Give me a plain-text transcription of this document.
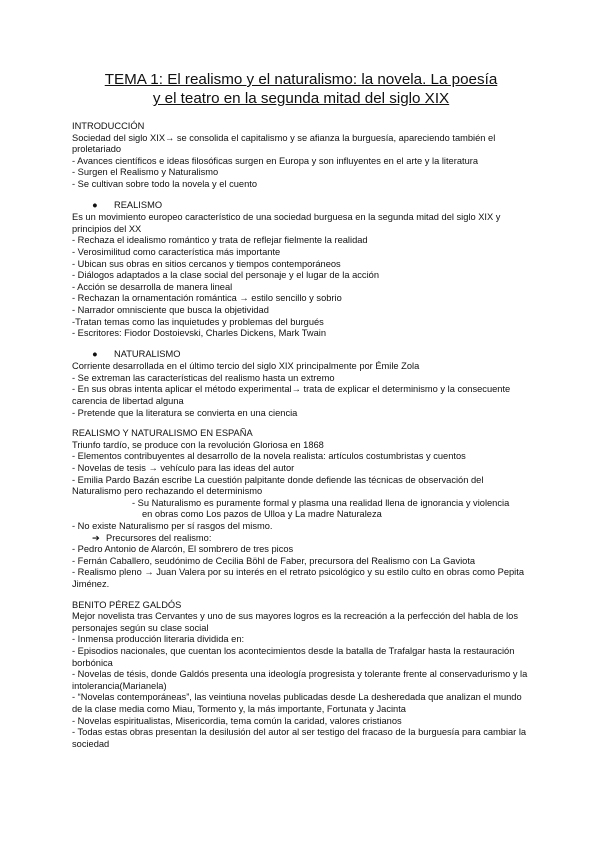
TEMA 1: El realismo y el naturalismo: la novela. La poesía
y el teatro en la segunda mitad del siglo XIX

INTRODUCCIÓN

Sociedad del siglo XIX→ se consolida el capitalismo y se afianza la burguesía, apareciendo también el proletariado

- Avances científicos e ideas filosóficas surgen en Europa y son influyentes en el arte y la literatura

- Surgen el Realismo y Naturalismo

- Se cultivan sobre todo la novela y el cuento

● REALISMO

Es un movimiento europeo característico de una sociedad burguesa en la segunda mitad del siglo XIX y principios del XX

- Rechaza el idealismo romántico y trata de reflejar fielmente la realidad

- Verosimilitud como característica más importante

- Ubican sus obras en sitios cercanos y tiempos contemporáneos

- Diálogos adaptados a la clase social del personaje y el lugar de la acción

- Acción se desarrolla de manera lineal

- Rechazan la ornamentación romántica → estilo sencillo y sobrio

- Narrador omnisciente que busca la objetividad

-Tratan temas como las inquietudes y problemas del burgués

- Escritores: Fiodor Dostoievski, Charles Dickens, Mark Twain

● NATURALISMO

Corriente desarrollada en el último tercio del siglo XIX principalmente por Émile Zola

- Se extreman las características del realismo hasta un extremo

- En sus obras intenta aplicar el método experimental→ trata de explicar el determinismo y la consecuente carencia de libertad alguna

- Pretende que la literatura se convierta en una ciencia

REALISMO Y NATURALISMO EN ESPAÑA

Triunfo tardío, se produce con la revolución Gloriosa en 1868

- Elementos contribuyentes al desarrollo de la novela realista: artículos costumbristas y cuentos

- Novelas de tesis → vehículo para las ideas del autor

- Emilia Pardo Bazán escribe La cuestión palpitante donde defiende las técnicas de observación del Naturalismo pero rechazando el determinismo

- Su Naturalismo es puramente formal y plasma una realidad llena de ignorancia y violencia

en obras como Los pazos de Ulloa y La madre Naturaleza

- No existe Naturalismo per sí rasgos del mismo.

➔ Precursores del realismo:

- Pedro Antonio de Alarcón, El sombrero de tres picos

- Fernán Caballero, seudónimo de Cecilia Böhl de Faber, precursora del Realismo con La Gaviota

- Realismo pleno → Juan Valera por su interés en el retrato psicológico y su estilo culto en obras como Pepita Jiménez.

BENITO PÉREZ GALDÓS

Mejor novelista tras Cervantes y uno de sus mayores logros es la recreación a la perfección del habla de los personajes según su clase social

- Inmensa producción literaria dividida en:

- Episodios nacionales, que cuentan los acontecimientos desde la batalla de Trafalgar hasta la restauración borbónica

- Novelas de tésis, donde Galdós presenta una ideología progresista y tolerante frente al conservadurismo y la intolerancia(Marianela)

- “Novelas contemporáneas”, las veintiuna novelas publicadas desde La desheredada que analizan el mundo de la clase media como Miau, Tormento y, la más importante, Fortunata y Jacinta

- Novelas espiritualistas, Misericordia, tema común la caridad, valores cristianos

- Todas estas obras presentan la desilusión del autor al ser testigo del fracaso de la burguesía para cambiar la sociedad
